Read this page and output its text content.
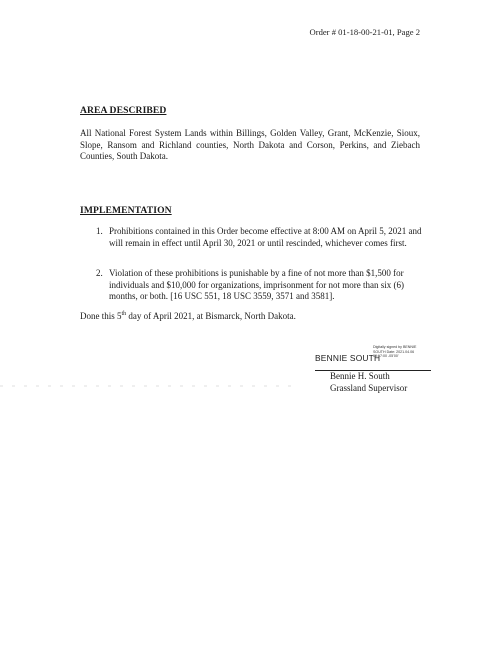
Order # 01-18-00-21-01, Page 2
AREA DESCRIBED
All National Forest System Lands within Billings, Golden Valley, Grant, McKenzie, Sioux, Slope, Ransom and Richland counties, North Dakota and Corson, Perkins, and Ziebach Counties, South Dakota.
IMPLEMENTATION
1. Prohibitions contained in this Order become effective at 8:00 AM on April 5, 2021 and will remain in effect until April 30, 2021 or until rescinded, whichever comes first.
2. Violation of these prohibitions is punishable by a fine of not more than $1,500 for individuals and $10,000 for organizations, imprisonment for not more than six (6) months, or both. [16 USC 551, 18 USC 3559, 3571 and 3581].
Done this 5th day of April 2021, at Bismarck, North Dakota.
BENNIE SOUTH
Digitally signed by BENNIE SOUTH Date: 2021.04.06 09:17:00 -05'00'
Bennie H. South
Grassland Supervisor
